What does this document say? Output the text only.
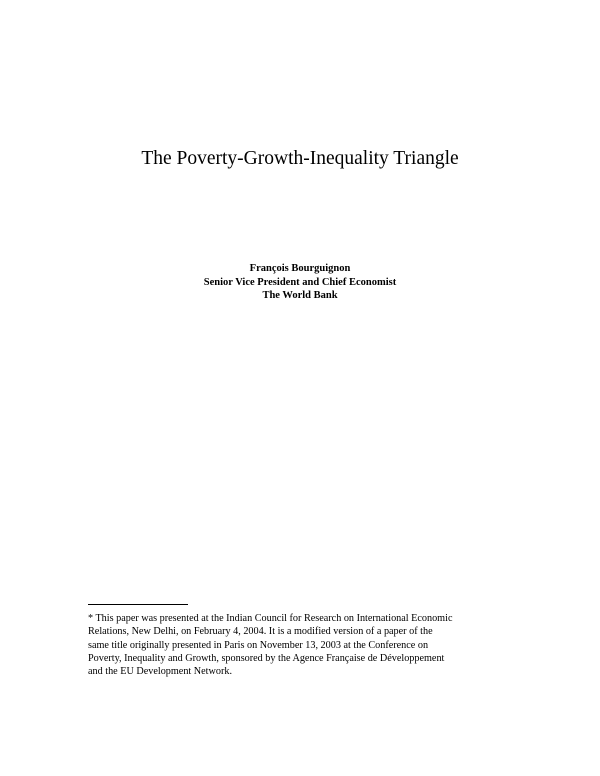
The Poverty-Growth-Inequality Triangle
François Bourguignon
Senior Vice President and Chief Economist
The World Bank
* This paper was presented at the Indian Council for Research on International Economic
Relations, New Delhi, on February 4, 2004. It is a modified version of a paper of the
same title originally presented in Paris on November 13, 2003 at the Conference on
Poverty, Inequality and Growth, sponsored by the Agence Française de Développement
and the EU Development Network.
